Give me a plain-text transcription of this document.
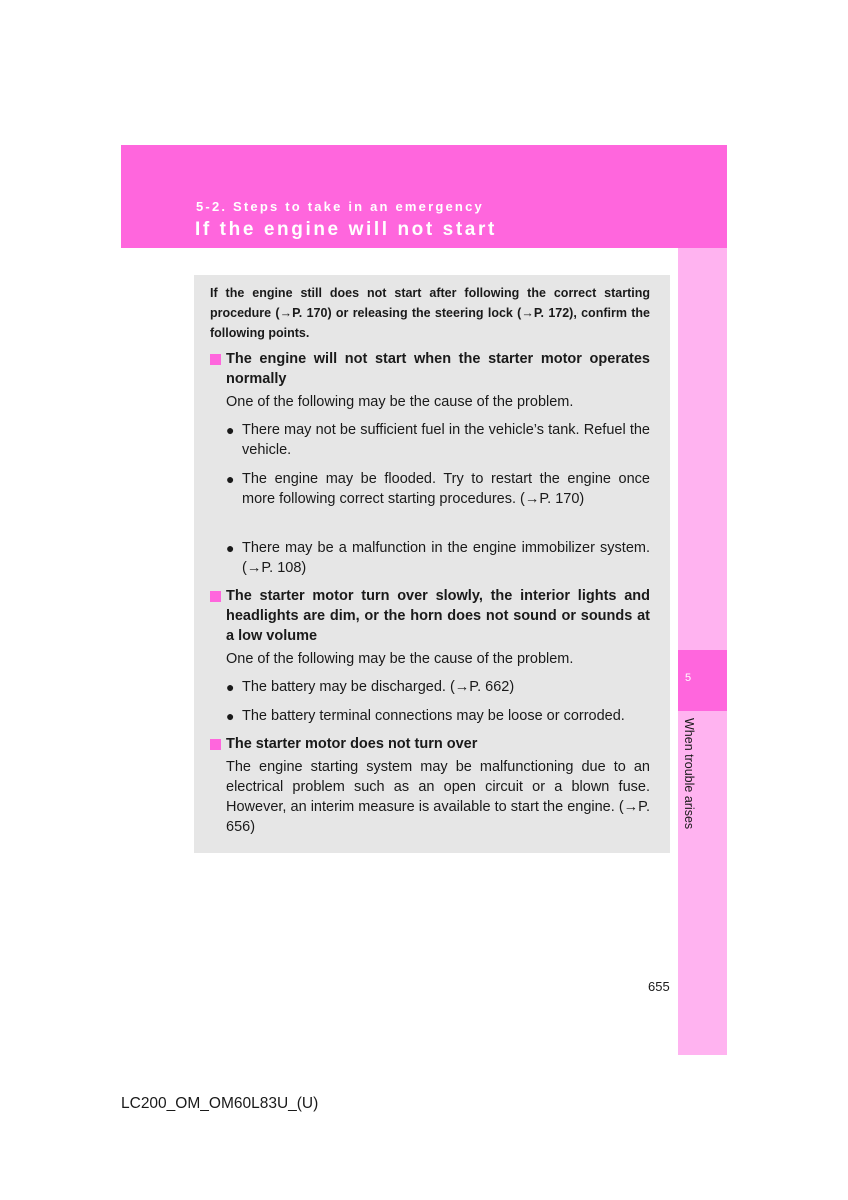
5-2. Steps to take in an emergency
If the engine will not start
5
When trouble arises
If the engine still does not start after following the correct starting procedure (→P. 170) or releasing the steering lock (→P. 172), confirm the following points.
The engine will not start when the starter motor operates normally
One of the following may be the cause of the problem.
● There may not be sufficient fuel in the vehicle’s tank. Refuel the vehicle.
● The engine may be flooded. Try to restart the engine once more following correct starting procedures. (→P. 170)
● There may be a malfunction in the engine immobilizer system. (→P. 108)
The starter motor turn over slowly, the interior lights and headlights are dim, or the horn does not sound or sounds at a low volume
One of the following may be the cause of the problem.
● The battery may be discharged. (→P. 662)
● The battery terminal connections may be loose or corroded.
The starter motor does not turn over
The engine starting system may be malfunctioning due to an electrical problem such as an open circuit or a blown fuse. However, an interim measure is available to start the engine. (→P. 656)
655
LC200_OM_OM60L83U_(U)
